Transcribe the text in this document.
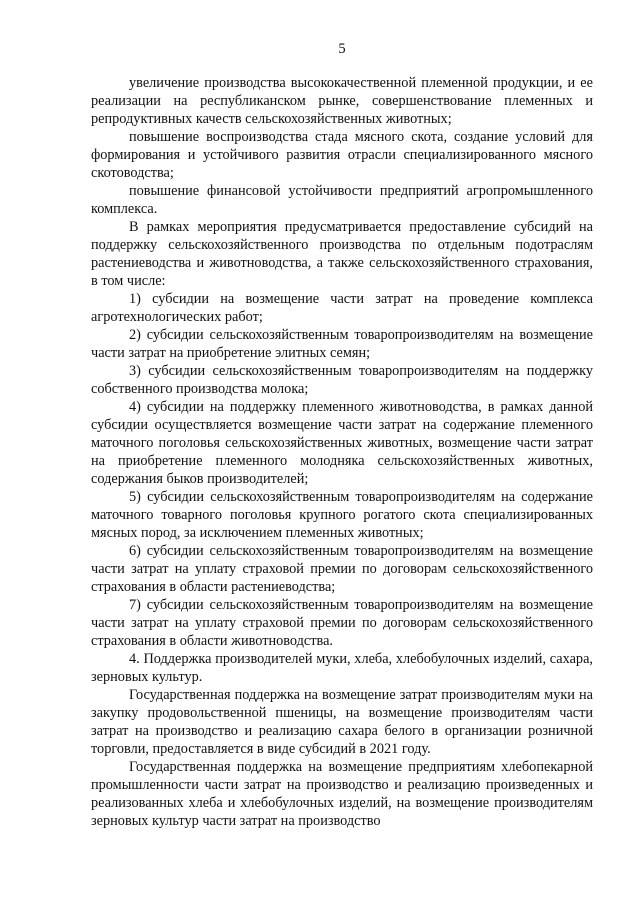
5

увеличение производства высококачественной племенной продукции, и ее реализации на республиканском рынке, совершенствование племенных и репродуктивных качеств сельскохозяйственных животных;

повышение воспроизводства стада мясного скота, создание условий для формирования и устойчивого развития отрасли специализированного мясного скотоводства;

повышение финансовой устойчивости предприятий агропромышленного комплекса.

В рамках мероприятия предусматривается предоставление субсидий на поддержку сельскохозяйственного производства по отдельным подотраслям растениеводства и животноводства, а также сельскохозяйственного страхования, в том числе:

1) субсидии на возмещение части затрат на проведение комплекса агротехнологических работ;

2) субсидии сельскохозяйственным товаропроизводителям на возмещение части затрат на приобретение элитных семян;

3) субсидии сельскохозяйственным товаропроизводителям на поддержку собственного производства молока;

4) субсидии на поддержку племенного животноводства, в рамках данной субсидии осуществляется возмещение части затрат на содержание племенного маточного поголовья сельскохозяйственных животных, возмещение части затрат на приобретение племенного молодняка сельскохозяйственных животных, содержания быков производителей;

5) субсидии сельскохозяйственным товаропроизводителям на содержание маточного товарного поголовья крупного рогатого скота специализированных мясных пород, за исключением племенных животных;

6) субсидии сельскохозяйственным товаропроизводителям на возмещение части затрат на уплату страховой премии по договорам сельскохозяйственного страхования в области растениеводства;

7) субсидии сельскохозяйственным товаропроизводителям на возмещение части затрат на уплату страховой премии по договорам сельскохозяйственного страхования в области животноводства.

4. Поддержка производителей муки, хлеба, хлебобулочных изделий, сахара, зерновых культур.

Государственная поддержка на возмещение затрат производителям муки на закупку продовольственной пшеницы, на возмещение производителям части затрат на производство и реализацию сахара белого в организации розничной торговли, предоставляется в виде субсидий в 2021 году.

Государственная поддержка на возмещение предприятиям хлебопекарной промышленности части затрат на производство и реализацию произведенных и реализованных хлеба и хлебобулочных изделий, на возмещение производителям зерновых культур части затрат на производство
